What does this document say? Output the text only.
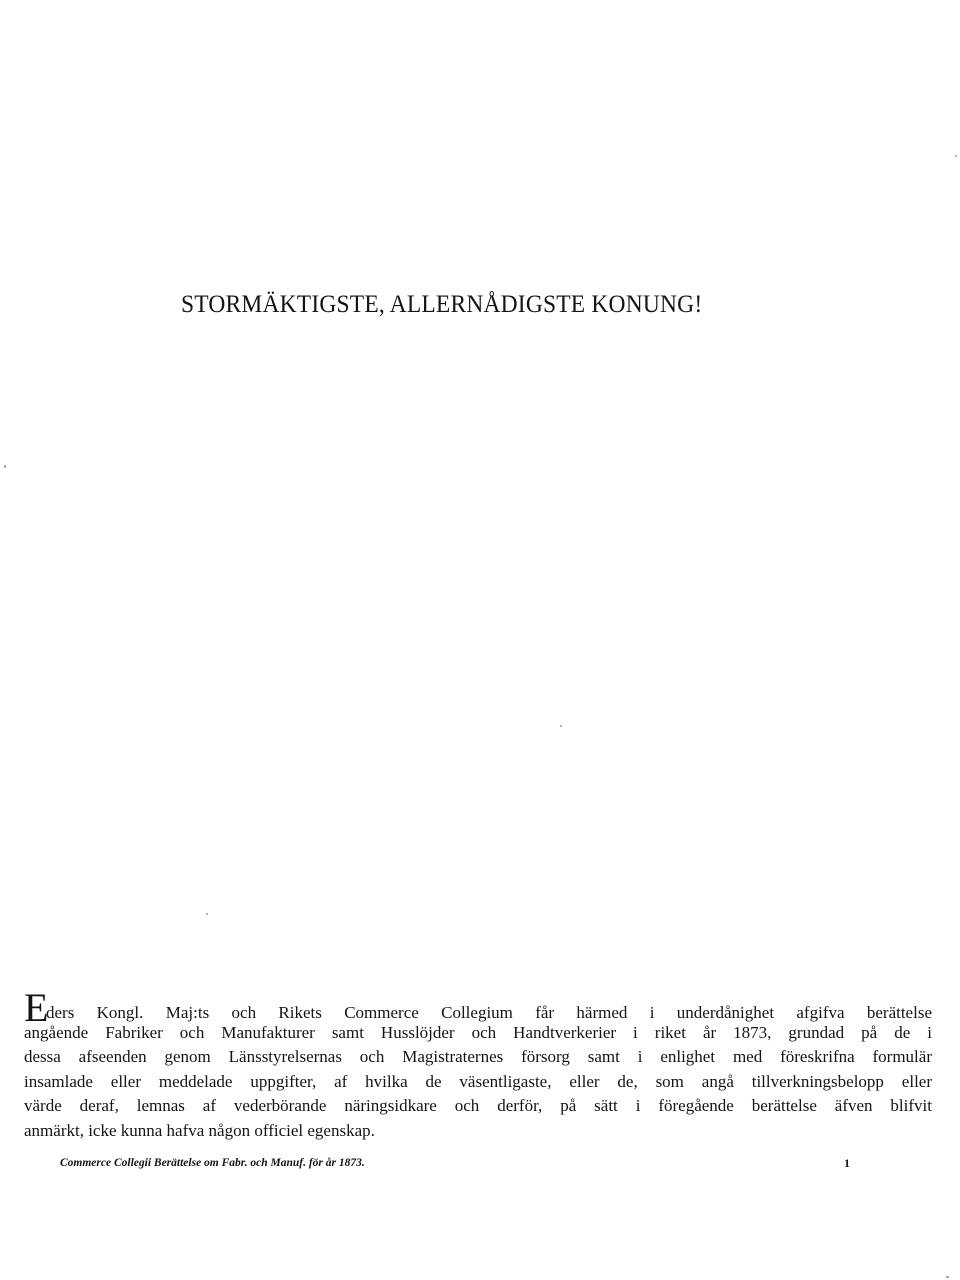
STORMÄKTIGSTE, ALLERNÅDIGSTE KONUNG!
Eders Kongl. Maj:ts och Rikets Commerce Collegium får härmed i underdånighet afgifva berättelse
angående Fabriker och Manufakturer samt Husslöjder och Handtverkerier i riket år 1873, grundad på de i
dessa afseenden genom Länsstyrelsernas och Magistraternes försorg samt i enlighet med föreskrifna formulär
insamlade eller meddelade uppgifter, af hvilka de väsentligaste, eller de, som angå tillverkningsbelopp eller
värde deraf, lemnas af vederbörande näringsidkare och derför, på sätt i föregående berättelse äfven blifvit
anmärkt, icke kunna hafva någon officiel egenskap.
Commerce Collegii Berättelse om Fabr. och Manuf. för år 1873.	1
